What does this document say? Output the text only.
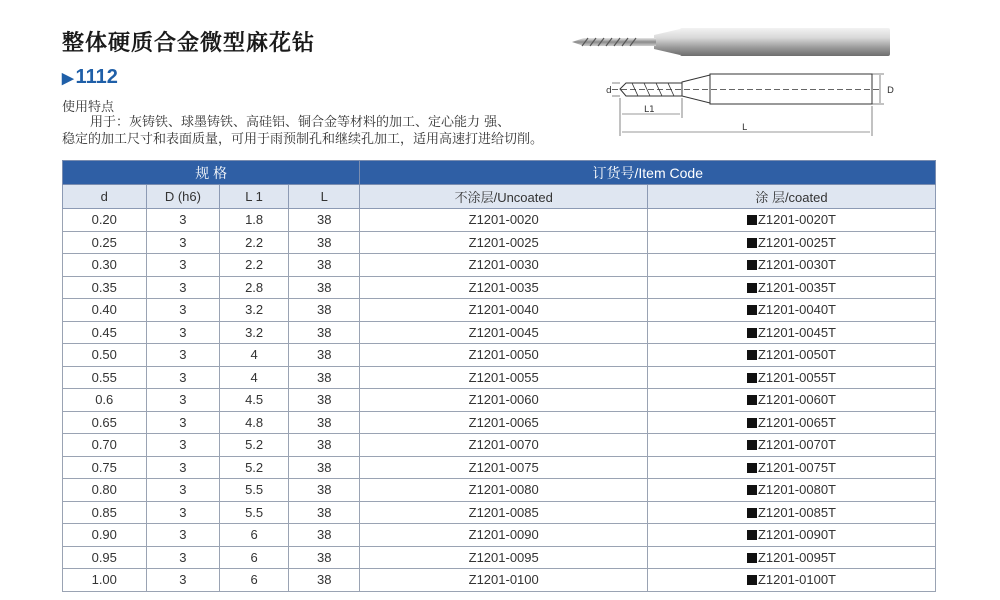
整体硬质合金微型麻花钻
▶ 1112
使用特点
用于：灰铸铁、球墨铸铁、高硅铝、铜合金等材料的加工、定心能力 强、
稳定的加工尺寸和表面质量，可用于雨预制孔和继续孔加工，适用高速打进给切削。
d	D
L1
L
规 格				订货号/Item Code	
d	D (h6)	L 1	L	不涂层/Uncoated	涂 层/coated
0.20	3	1.8	38	Z1201-0020	Z1201-0020T
0.25	3	2.2	38	Z1201-0025	Z1201-0025T
0.30	3	2.2	38	Z1201-0030	Z1201-0030T
0.35	3	2.8	38	Z1201-0035	Z1201-0035T
0.40	3	3.2	38	Z1201-0040	Z1201-0040T
0.45	3	3.2	38	Z1201-0045	Z1201-0045T
0.50	3	4	38	Z1201-0050	Z1201-0050T
0.55	3	4	38	Z1201-0055	Z1201-0055T
0.6	3	4.5	38	Z1201-0060	Z1201-0060T
0.65	3	4.8	38	Z1201-0065	Z1201-0065T
0.70	3	5.2	38	Z1201-0070	Z1201-0070T
0.75	3	5.2	38	Z1201-0075	Z1201-0075T
0.80	3	5.5	38	Z1201-0080	Z1201-0080T
0.85	3	5.5	38	Z1201-0085	Z1201-0085T
0.90	3	6	38	Z1201-0090	Z1201-0090T
0.95	3	6	38	Z1201-0095	Z1201-0095T
1.00	3	6	38	Z1201-0100	Z1201-0100T
